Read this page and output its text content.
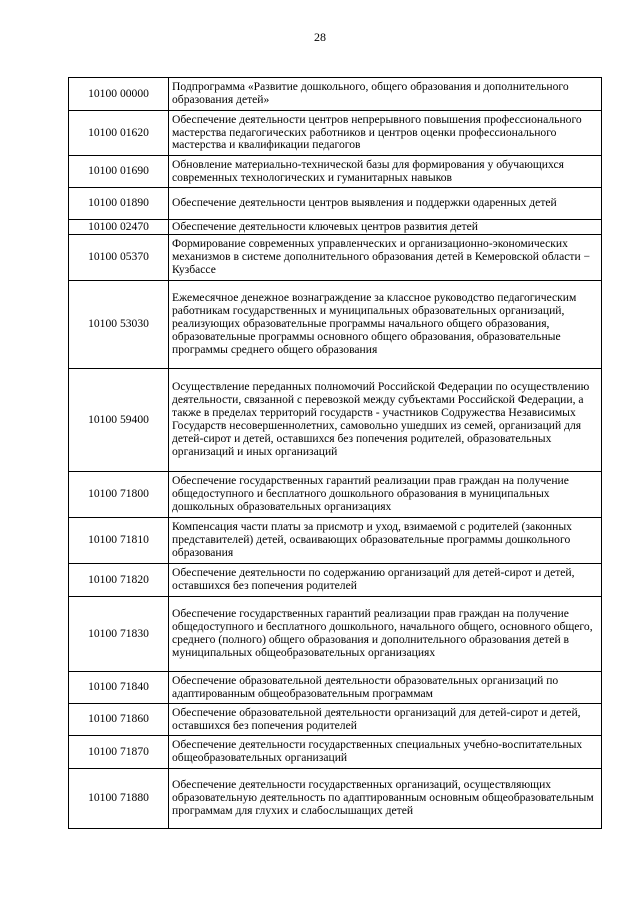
28
10100 00000	Подпрограмма «Развитие дошкольного, общего образования и дополнительного образования детей»
10100 01620	Обеспечение деятельности центров непрерывного повышения профессионального мастерства педагогических работников и центров оценки профессионального мастерства и квалификации педагогов
10100 01690	Обновление материально-технической базы для формирования у обучающихся современных технологических и гуманитарных навыков
10100 01890	Обеспечение деятельности центров выявления и поддержки одаренных детей
10100 02470	Обеспечение деятельности ключевых центров развития детей
10100 05370	Формирование современных управленческих и организационно-экономических механизмов в системе дополнительного образования детей в Кемеровской области − Кузбассе
10100 53030	Ежемесячное денежное вознаграждение за классное руководство педагогическим работникам государственных и муниципальных образовательных организаций, реализующих образовательные программы начального общего образования, образовательные программы основного общего образования, образовательные программы среднего общего образования
10100 59400	Осуществление переданных полномочий Российской Федерации по осуществлению деятельности, связанной с перевозкой между субъектами Российской Федерации, а также в пределах территорий государств - участников Содружества Независимых Государств несовершеннолетних, самовольно ушедших из семей, организаций для детей-сирот и детей, оставшихся без попечения родителей, образовательных организаций и иных организаций
10100 71800	Обеспечение государственных гарантий реализации прав граждан на получение общедоступного и бесплатного дошкольного образования в муниципальных дошкольных образовательных организациях
10100 71810	Компенсация части платы за присмотр и уход, взимаемой с родителей (законных представителей) детей, осваивающих образовательные программы дошкольного образования
10100 71820	Обеспечение деятельности по содержанию организаций для детей-сирот и детей, оставшихся без попечения родителей
10100 71830	Обеспечение государственных гарантий реализации прав граждан на получение общедоступного и бесплатного дошкольного, начального общего, основного общего, среднего (полного) общего образования и дополнительного образования детей в муниципальных общеобразовательных организациях
10100 71840	Обеспечение образовательной деятельности образовательных организаций по адаптированным общеобразовательным программам
10100 71860	Обеспечение образовательной деятельности организаций для детей-сирот и детей, оставшихся без попечения родителей
10100 71870	Обеспечение деятельности государственных специальных учебно-воспитательных общеобразовательных организаций
10100 71880	Обеспечение деятельности государственных организаций, осуществляющих образовательную деятельность по адаптированным основным общеобразовательным программам для глухих и слабослышащих детей
